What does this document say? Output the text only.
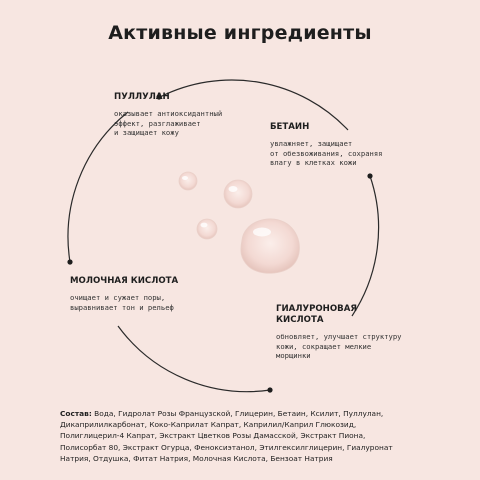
Активные ингредиенты
ПУЛЛУЛАН
оказывает антиоксидантный
эффект, разглаживает
и защищает кожу
БЕТАИН
увлажняет, защищает
от обезвоживания, сохраняя
влагу в клетках кожи
МОЛОЧНАЯ КИСЛОТА
очищает и сужает поры,
выравнивает тон и рельеф	ГИАЛУРОНОВАЯ
КИСЛОТА
обновляет, улучшает структуру
кожи, сокращает мелкие
морщинки
Состав: Вода, Гидролат Розы Французской, Глицерин, Бетаин, Ксилит, Пуллулан,
Дикаприлилкарбонат, Коко-Каприлат Капрат, Каприлил/Каприл Глюкозид,
Полиглицерил-4 Капрат, Экстракт Цветков Розы Дамасской, Экстракт Пиона,
Полисорбат 80, Экстракт Огурца, Феноксиэтанол, Этилгексилглицерин, Гиалуронат
Натрия, Отдушка, Фитат Натрия, Молочная Кислота, Бензоат Натрия
